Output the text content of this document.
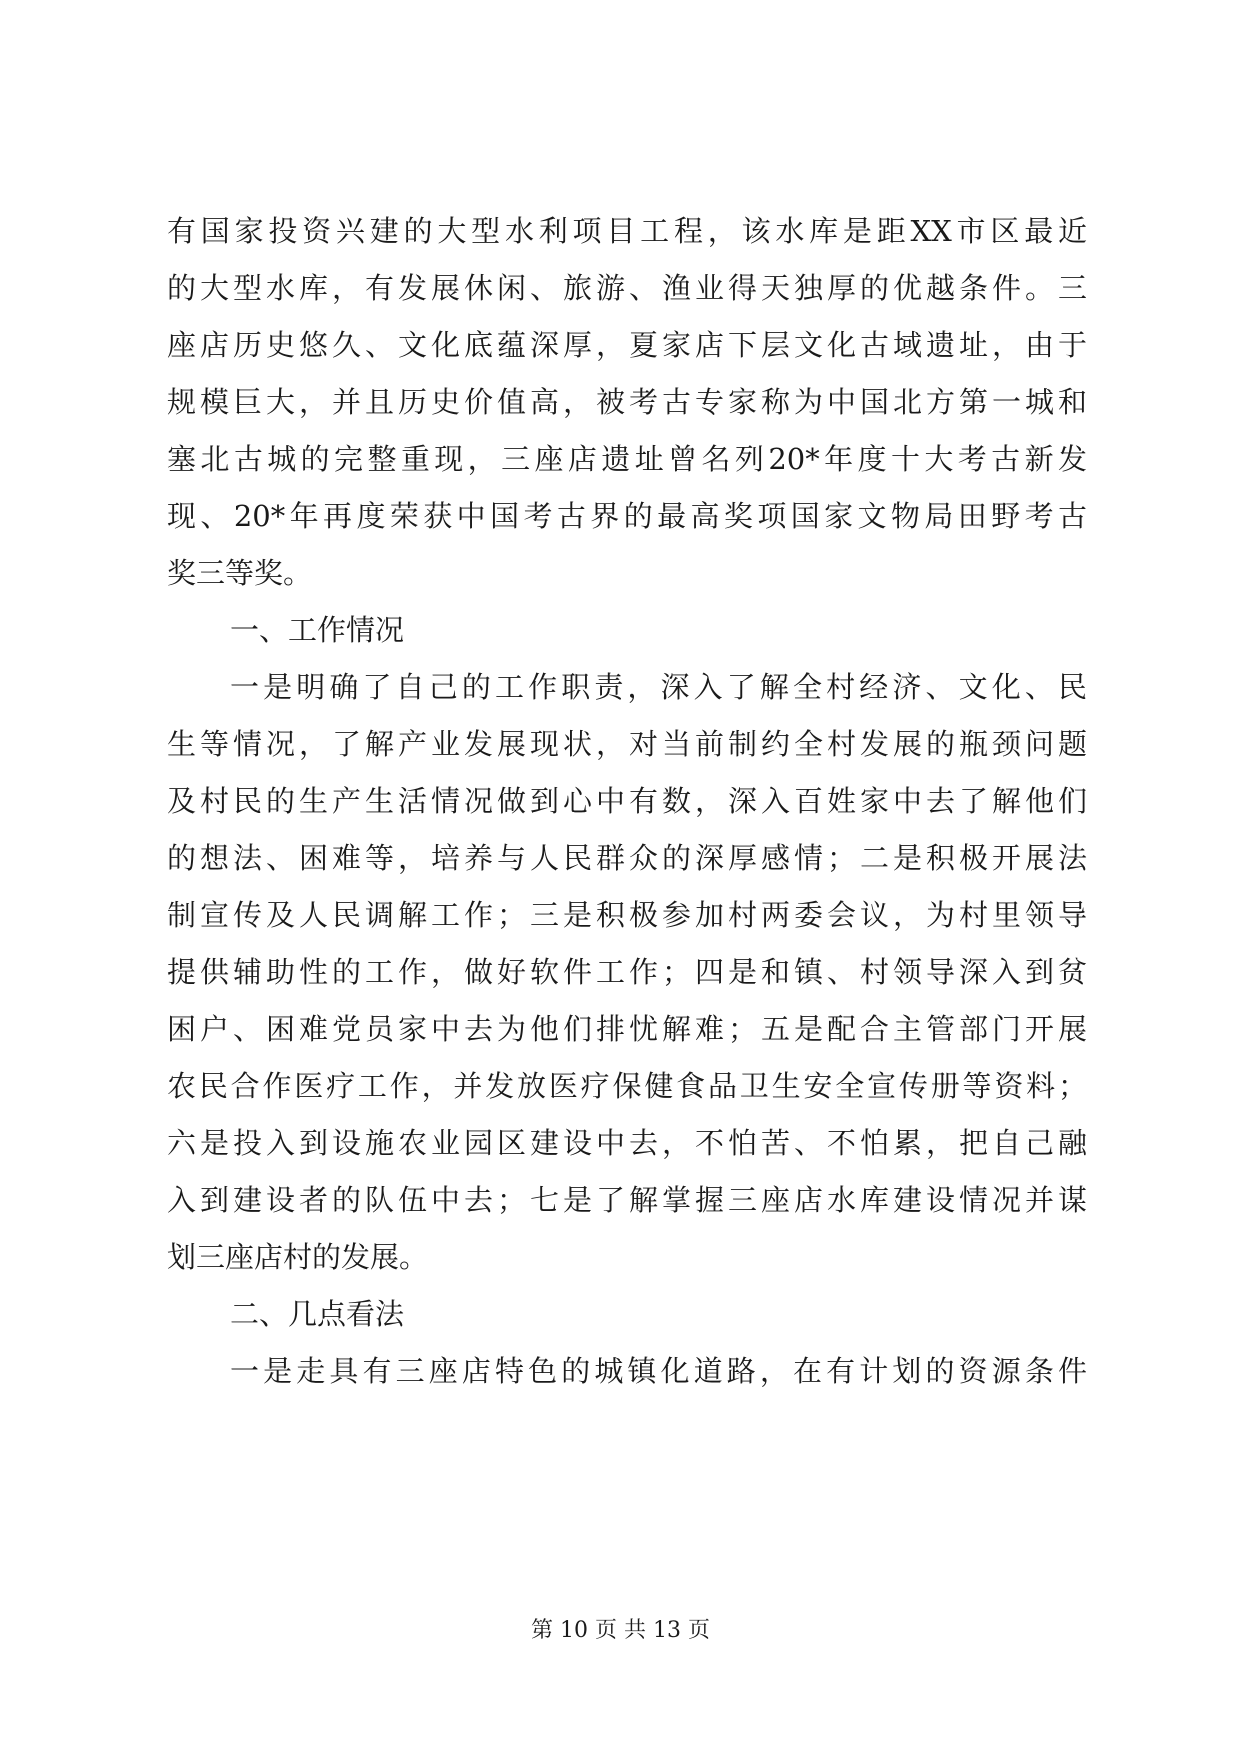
有国家投资兴建的大型水利项目工程，该水库是距XX市区最近
的大型水库，有发展休闲、旅游、渔业得天独厚的优越条件。三
座店历史悠久、文化底蕴深厚，夏家店下层文化古域遗址，由于
规模巨大，并且历史价值高，被考古专家称为中国北方第一城和
塞北古城的完整重现，三座店遗址曾名列20*年度十大考古新发
现、20*年再度荣获中国考古界的最高奖项国家文物局田野考古
奖三等奖。
一、工作情况
一是明确了自己的工作职责，深入了解全村经济、文化、民
生等情况，了解产业发展现状，对当前制约全村发展的瓶颈问题
及村民的生产生活情况做到心中有数，深入百姓家中去了解他们
的想法、困难等，培养与人民群众的深厚感情；二是积极开展法
制宣传及人民调解工作；三是积极参加村两委会议，为村里领导
提供辅助性的工作，做好软件工作；四是和镇、村领导深入到贫
困户、困难党员家中去为他们排忧解难；五是配合主管部门开展
农民合作医疗工作，并发放医疗保健食品卫生安全宣传册等资料；
六是投入到设施农业园区建设中去，不怕苦、不怕累，把自己融
入到建设者的队伍中去；七是了解掌握三座店水库建设情况并谋
划三座店村的发展。
二、几点看法
一是走具有三座店特色的城镇化道路，在有计划的资源条件
第 10 页 共 13 页
